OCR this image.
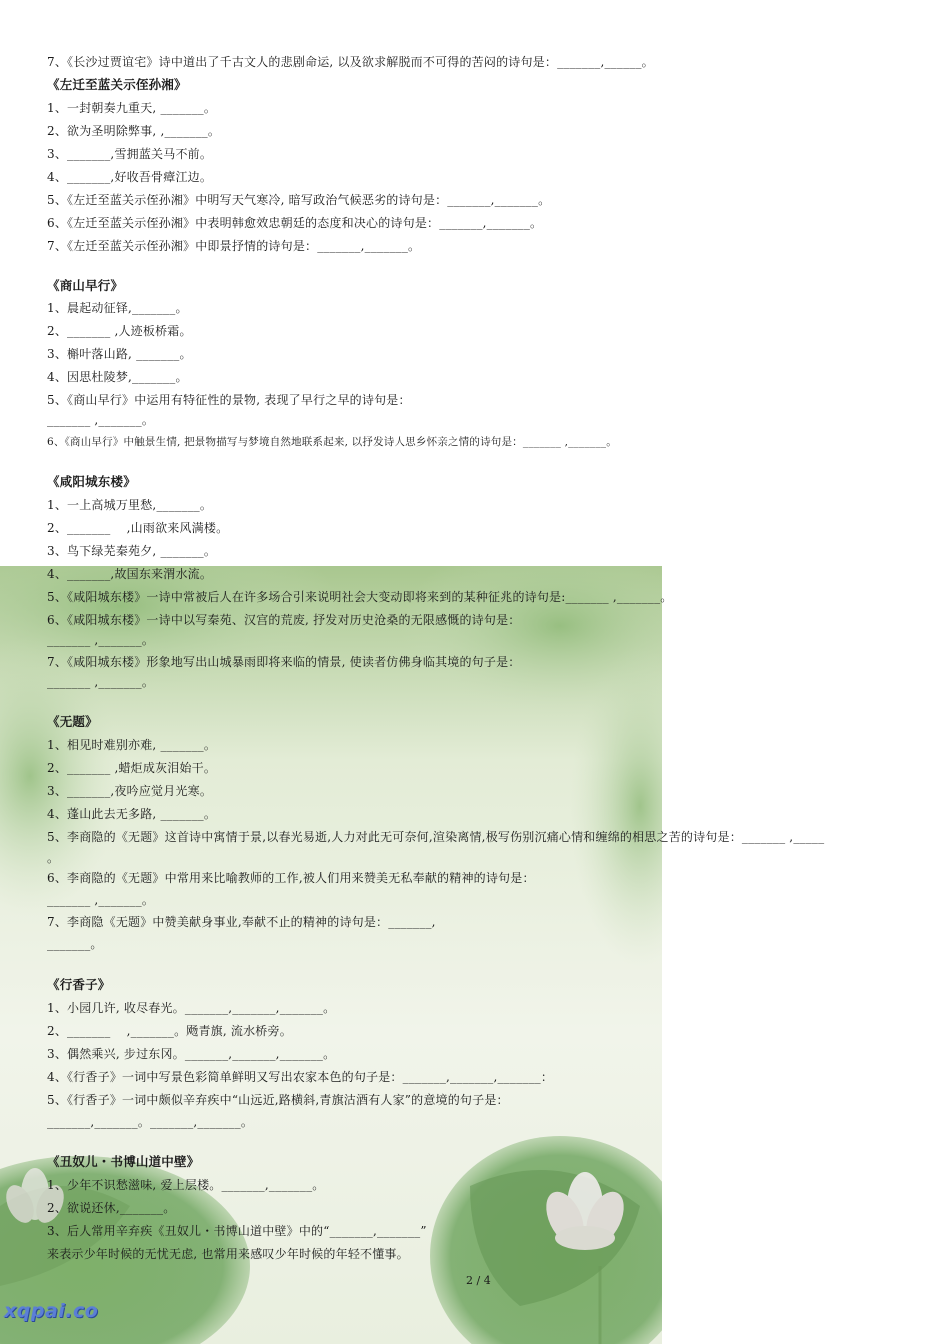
7、《长沙过贾谊宅》诗中道出了千古文人的悲剧命运, 以及欲求解脱而不可得的苦闷的诗句是：_______,______。
《左迁至蓝关示侄孙湘》
1、一封朝奏九重天, _______。
2、欲为圣明除弊事, ,_______。
3、_______,雪拥蓝关马不前。
4、_______,好收吾骨瘴江边。
5、《左迁至蓝关示侄孙湘》中明写天气寒冷, 暗写政治气候恶劣的诗句是：_______,_______。
6、《左迁至蓝关示侄孙湘》中表明韩愈效忠朝廷的态度和决心的诗句是：_______,_______。
7、《左迁至蓝关示侄孙湘》中即景抒情的诗句是：_______,_______。
《商山早行》
1、晨起动征铎,_______。
2、_______ ,人迹板桥霜。
3、槲叶落山路, _______。
4、因思杜陵梦,_______。
5、《商山早行》中运用有特征性的景物, 表现了早行之早的诗句是：
_______ ,_______。
6、《商山早行》中触景生情, 把景物描写与梦境自然地联系起来, 以抒发诗人思乡怀亲之情的诗句是：_______ ,_______。
《咸阳城东楼》
1、一上高城万里愁,_______。
2、_______　 ,山雨欲来风满楼。
3、鸟下绿芜秦苑夕, _______。
4、_______,故国东来渭水流。
5、《咸阳城东楼》一诗中常被后人在许多场合引来说明社会大变动即将来到的某种征兆的诗句是:_______ ,_______。
6、《咸阳城东楼》一诗中以写秦苑、汉宫的荒废, 抒发对历史沧桑的无限感慨的诗句是：
_______ ,_______。
7、《咸阳城东楼》形象地写出山城暴雨即将来临的情景, 使读者仿佛身临其境的句子是：
_______ ,_______。
《无题》
1、相见时难别亦难, _______。
2、_______ ,蜡炬成灰泪始干。
3、_______,夜吟应觉月光寒。
4、蓬山此去无多路, _______。
5、李商隐的《无题》这首诗中寓情于景,以春光易逝,人力对此无可奈何,渲染离情,极写伤别沉痛心情和缠绵的相思之苦的诗句是：_______ ,_____
。
6、李商隐的《无题》中常用来比喻教师的工作,被人们用来赞美无私奉献的精神的诗句是：
_______ ,_______。
7、李商隐《无题》中赞美献身事业,奉献不止的精神的诗句是：_______,
_______。
《行香子》
1、小园几许, 收尽春光。_______,_______,_______。
2、_______　 ,_______。飏青旗, 流水桥旁。
3、偶然乘兴, 步过东冈。_______,_______,_______。
4、《行香子》一词中写景色彩简单鲜明又写出农家本色的句子是：_______,_______,_______：
5、《行香子》一词中颇似辛弃疾中“山远近,路横斜,青旗沽酒有人家”的意境的句子是：
_______,_______。_______,_______。
《丑奴儿・书博山道中壁》
1、少年不识愁滋味, 爱上层楼。_______,_______。
2、欲说还休,_______。
3、后人常用辛弃疾《丑奴儿・书博山道中壁》中的“_______,_______”
来表示少年时候的无忧无虑, 也常用来感叹少年时候的年轻不懂事。
2 / 4
xqpai.co
